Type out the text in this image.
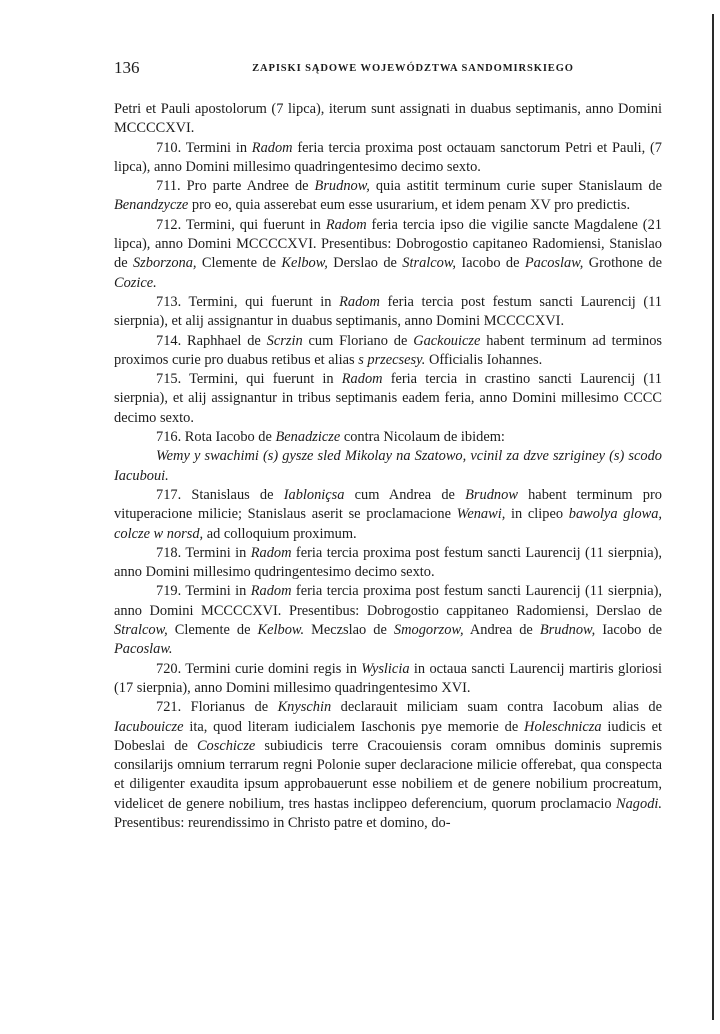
136	ZAPISKI SĄDOWE WOJEWÓDZTWA SANDOMIRSKIEGO

Petri et Pauli apostolorum (7 lipca), iterum sunt assignati in duabus septimanis, anno Domini MCCCCXVI.

710. Termini in Radom feria tercia proxima post octauam sanctorum Petri et Pauli, (7 lipca), anno Domini millesimo quadringentesimo decimo sexto.

711. Pro parte Andree de Brudnow, quia astitit terminum curie super Stanislaum de Benandzycze pro eo, quia asserebat eum esse usurarium, et idem penam XV pro predictis.

712. Termini, qui fuerunt in Radom feria tercia ipso die vigilie sancte Magdalene (21 lipca), anno Domini MCCCCXVI. Presentibus: Dobrogostio capitaneo Radomiensi, Stanislao de Szborzona, Clemente de Kelbow, Derslao de Stralcow, Iacobo de Pacoslaw, Grothone de Cozice.

713. Termini, qui fuerunt in Radom feria tercia post festum sancti Laurencij (11 sierpnia), et alij assignantur in duabus septimanis, anno Domini MCCCCXVI.

714. Raphhael de Scrzin cum Floriano de Gackouicze habent terminum ad terminos proximos curie pro duabus retibus et alias s przecsesy. Officialis Iohannes.

715. Termini, qui fuerunt in Radom feria tercia in crastino sancti Laurencij (11 sierpnia), et alij assignantur in tribus septimanis eadem feria, anno Domini millesimo CCCC decimo sexto.

716. Rota Iacobo de Benadzicze contra Nicolaum de ibidem:

Wemy y swachimi (s) gysze sled Mikolay na Szatowo, vcinil za dzve szriginey (s) scodo Iacuboui.

717. Stanislaus de Iabloniçsa cum Andrea de Brudnow habent terminum pro vituperacione milicie; Stanislaus aserit se proclamacione Wenawi, in clipeo bawolya glowa, colcze w norsd, ad colloquium proximum.

718. Termini in Radom feria tercia proxima post festum sancti Laurencij (11 sierpnia), anno Domini millesimo qudringentesimo decimo sexto.

719. Termini in Radom feria tercia proxima post festum sancti Laurencij (11 sierpnia), anno Domini MCCCCXVI. Presentibus: Dobrogostio cappitaneo Radomiensi, Derslao de Stralcow, Clemente de Kelbow. Meczslao de Smogorzow, Andrea de Brudnow, Iacobo de Pacoslaw.

720. Termini curie domini regis in Wyslicia in octaua sancti Laurencij martiris gloriosi (17 sierpnia), anno Domini millesimo quadringentesimo XVI.

721. Florianus de Knyschin declarauit miliciam suam contra Iacobum alias de Iacubouicze ita, quod literam iudicialem Iaschonis pye memorie de Holeschnicza iudicis et Dobeslai de Coschicze subiudicis terre Cracouiensis coram omnibus dominis supremis consilarijs omnium terrarum regni Polonie super declaracione milicie offerebat, qua conspecta et diligenter exaudita ipsum approbauerunt esse nobiliem et de genere nobilium procreatum, videlicet de genere nobilium, tres hastas inclippeo deferencium, quorum proclamacio Nagodi. Presentibus: reurendissimo in Christo patre et domino, do-
